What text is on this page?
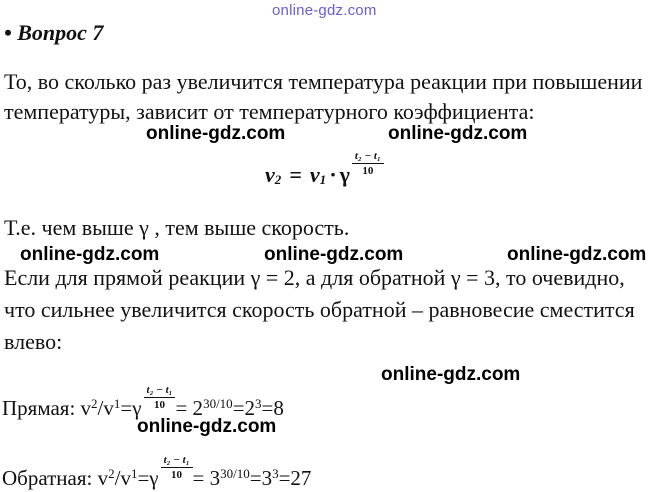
online-gdz.com
• Вопрос 7
То, во сколько раз увеличится температура реакции при повышении
температуры, зависит от температурного коэффициента:
online-gdz.com	online-gdz.com
$v_2 = v_1 \cdot \gamma \frac{\text{t₂ − t₁}}{10}$
Т.е. чем выше γ , тем выше скорость.
online-gdz.com	online-gdz.com	online-gdz.com
Если для прямой реакции γ = 2, а для обратной γ = 3, то очевидно,
что сильнее увеличится скорость обратной – равновесие сместится
влево:
online-gdz.com
Прямая: $v^2$ $/v^1 =\gamma \frac{\text{t₂ − t₁}}{10} = 2^{30/10} =2^3 =8$
online-gdz.com
Обратная: $v^2$ $/v^1 =\gamma \frac{\text{t₂ − t₁}}{10} = 3^{30/10} =3^3 =27$
